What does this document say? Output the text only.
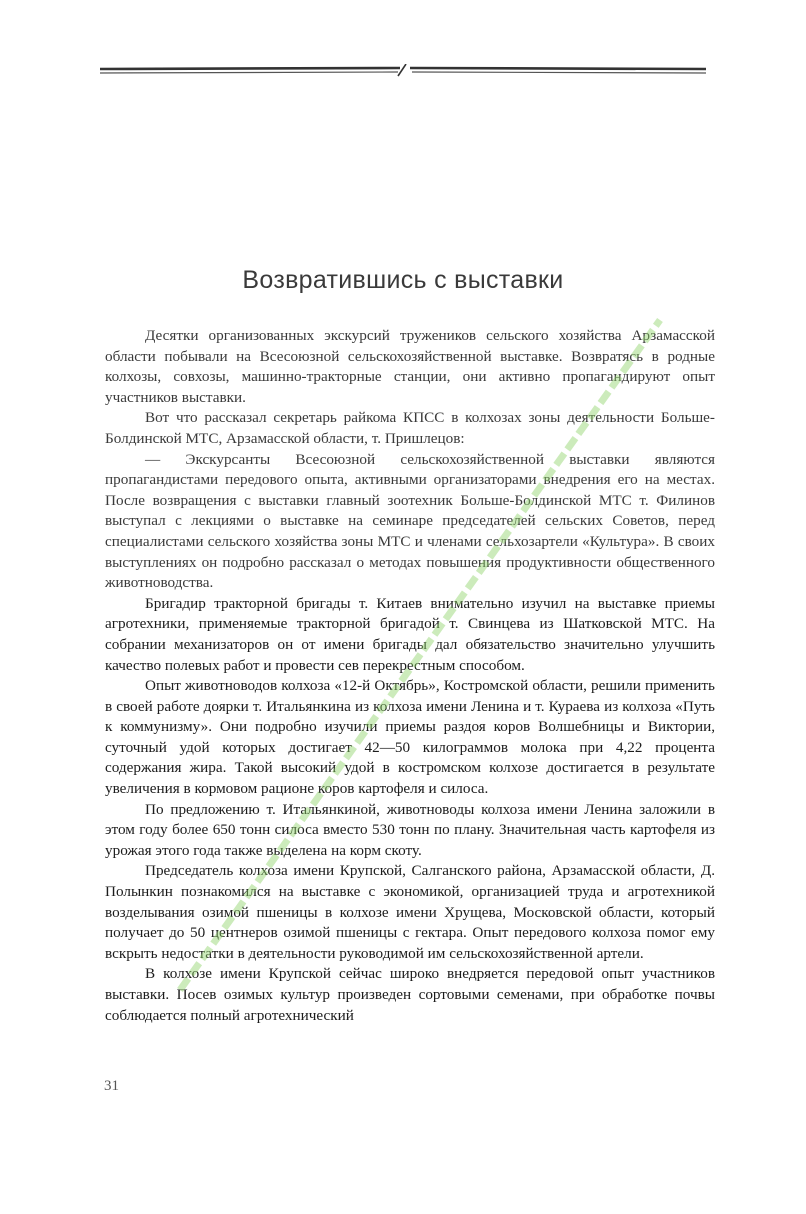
Возвратившись с выставки

Десятки организованных экскурсий тружеников сельского хозяйства Арзамасской области побывали на Всесоюзной сельскохозяйственной выставке. Возвратясь в родные колхозы, совхозы, машинно-тракторные станции, они активно пропагандируют опыт участников выставки.

Вот что рассказал секретарь райкома КПСС в колхозах зоны деятельности Больше-Болдинской МТС, Арзамасской области, т. Пришлецов:

— Экскурсанты Всесоюзной сельскохозяйственной выставки являются пропагандистами передового опыта, активными организаторами внедрения его на местах. После возвращения с выставки главный зоотехник Больше-Болдинской МТС т. Филинов выступал с лекциями о выставке на семинаре председателей сельских Советов, перед специалистами сельского хозяйства зоны МТС и членами сельхозартели «Культура». В своих выступлениях он подробно рассказал о методах повышения продуктивности общественного животноводства.

Бригадир тракторной бригады т. Китаев внимательно изучил на выставке приемы агротехники, применяемые тракторной бригадой т. Свинцева из Шатковской МТС. На собрании механизаторов он от имени бригады дал обязательство значительно улучшить качество полевых работ и провести сев перекрестным способом.

Опыт животноводов колхоза «12-й Октябрь», Костромской области, решили применить в своей работе доярки т. Итальянкина из колхоза имени Ленина и т. Кураева из колхоза «Путь к коммунизму». Они подробно изучили приемы раздоя коров Волшебницы и Виктории, суточный удой которых достигает 42—50 килограммов молока при 4,22 процента содержания жира. Такой высокий удой в костромском колхозе достигается в результате увеличения в кормовом рационе коров картофеля и силоса.

По предложению т. Итальянкиной, животноводы колхоза имени Ленина заложили в этом году более 650 тонн силоса вместо 530 тонн по плану. Значительная часть картофеля из урожая этого года также выделена на корм скоту.

Председатель колхоза имени Крупской, Салганского района, Арзамасской области, Д. Полынкин познакомился на выставке с экономикой, организацией труда и агротехникой возделывания озимой пшеницы в колхозе имени Хрущева, Московской области, который получает до 50 центнеров озимой пшеницы с гектара. Опыт передового колхоза помог ему вскрыть недостатки в деятельности руководимой им сельскохозяйственной артели.

В колхозе имени Крупской сейчас широко внедряется передовой опыт участников выставки. Посев озимых культур произведен сортовыми семенами, при обработке почвы соблюдается полный агротехнический

31
